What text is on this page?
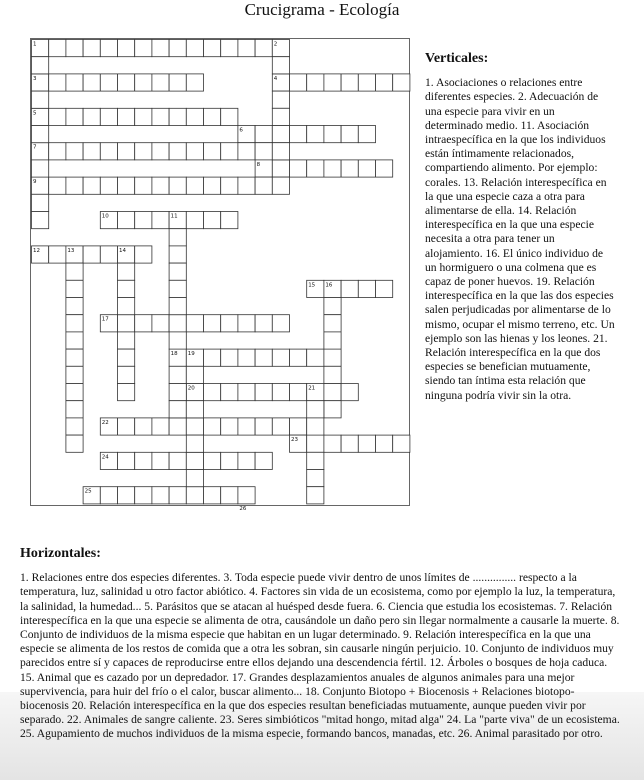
Crucigrama - Ecología
1	2
3	4
5
6
7
8
9
10	11
12	13	14
15 16
17
18 19
20	21
22
23
24
25
26
Verticales:
1. Asociaciones o relaciones entre diferentes especies. 2. Adecuación de una especie para vivir en un determinado medio. 11. Asociación intraespecífica en la que los individuos están íntimamente relacionados, compartiendo alimento. Por ejemplo: corales. 13. Relación interespecífica en la que una especie caza a otra para alimentarse de ella. 14. Relación interespecífica en la que una especie necesita a otra para tener un alojamiento. 16. El único individuo de un hormiguero o una colmena que es capaz de poner huevos. 19. Relación interespecífica en la que las dos especies salen perjudicadas por alimentarse de lo mismo, ocupar el mismo terreno, etc. Un ejemplo son las hienas y los leones. 21. Relación interespecífica en la que dos especies se benefician mutuamente, siendo tan íntima esta relación que ninguna podría vivir sin la otra.
Horizontales:
1. Relaciones entre dos especies diferentes. 3. Toda especie puede vivir dentro de unos límites de ............... respecto a la temperatura, luz, salinidad u otro factor abiótico. 4. Factores sin vida de un ecosistema, como por ejemplo la luz, la temperatura, la salinidad, la humedad... 5. Parásitos que se atacan al huésped desde fuera. 6. Ciencia que estudia los ecosistemas. 7. Relación interespecífica en la que una especie se alimenta de otra, causándole un daño pero sin llegar normalmente a causarle la muerte. 8. Conjunto de individuos de la misma especie que habitan en un lugar determinado. 9. Relación interespecífica en la que una especie se alimenta de los restos de comida que a otra les sobran, sin causarle ningún perjuicio. 10. Conjunto de individuos muy parecidos entre sí y capaces de reproducirse entre ellos dejando una descendencia fértil. 12. Árboles o bosques de hoja caduca. 15. Animal que es cazado por un depredador. 17. Grandes desplazamientos anuales de algunos animales para una mejor supervivencia, para huir del frío o el calor, buscar alimento... 18. Conjunto Biotopo + Biocenosis + Relaciones biotopo-biocenosis 20. Relación interespecífica en la que dos especies resultan beneficiadas mutuamente, aunque pueden vivir por separado. 22. Animales de sangre caliente. 23. Seres simbióticos "mitad hongo, mitad alga" 24. La "parte viva" de un ecosistema. 25. Agupamiento de muchos individuos de la misma especie, formando bancos, manadas, etc. 26. Animal parasitado por otro.
